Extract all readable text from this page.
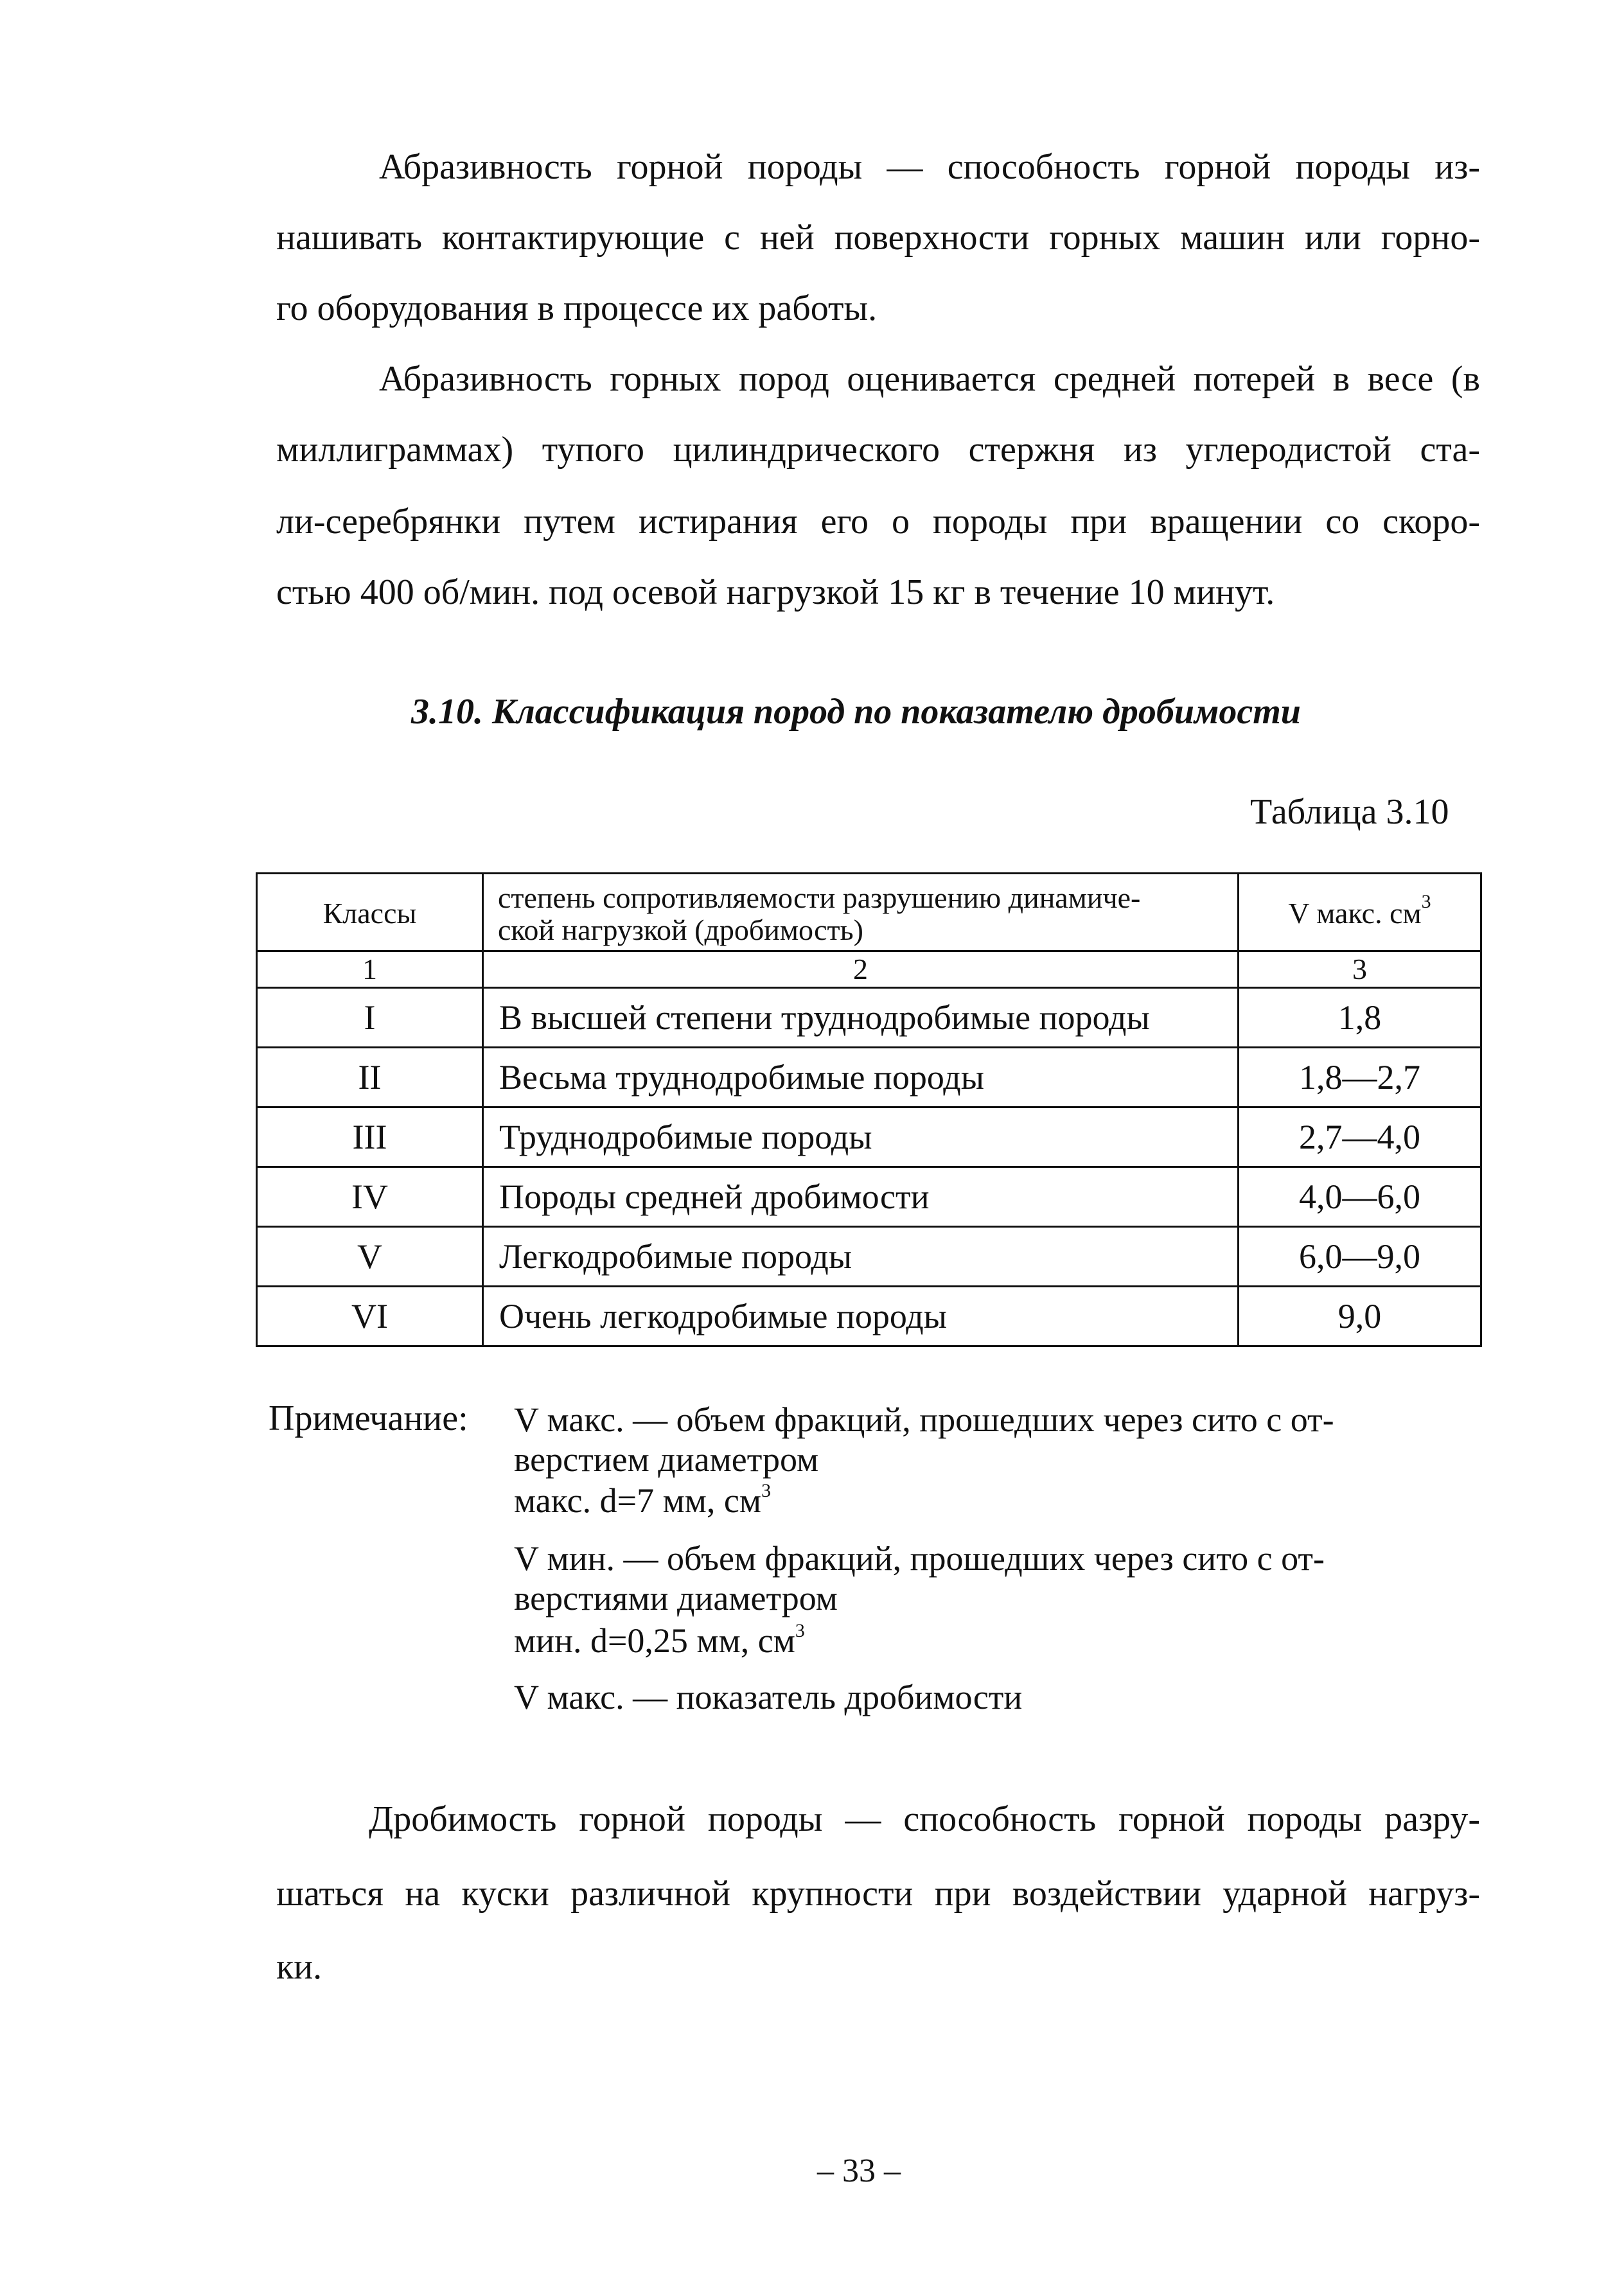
Абразивность горной породы — способность горной породы из-

нашивать контактирующие с ней поверхности горных машин или горно-

го оборудования в процессе их работы.

Абразивность горных пород оценивается средней потерей в весе (в

миллиграммах) тупого цилиндрического стержня из углеродистой ста-

ли-серебрянки путем истирания его о породы при вращении со скоро-

стью 400 об/мин. под осевой нагрузкой 15 кг в течение 10 минут.

3.10. Классификация пород по показателю дробимости
Таблица 3.10
Классы	степень сопротивляемости разрушению динамиче-
ской нагрузкой (дробимость)	V макс. $см^3$
1	2	3
I	В высшей степени труднодробимые породы	1,8
II	Весьма труднодробимые породы	1,8—2,7
III	Труднодробимые породы	2,7—4,0
IV	Породы средней дробимости	4,0—6,0
V	Легкодробимые породы	6,0—9,0
VI	Очень легкодробимые породы	9,0
Примечание: V макс. — объем фракций, прошедших через сито с от-

верстием диаметром

макс. d=7 мм, $см^3$

V мин. — объем фракций, прошедших через сито с от-

верстиями диаметром

мин. d=0,25 мм, $см^3$

V макс. — показатель дробимости

Дробимость горной породы — способность горной породы разру-

шаться на куски различной крупности при воздействии ударной нагруз-

ки.

– 33 –
